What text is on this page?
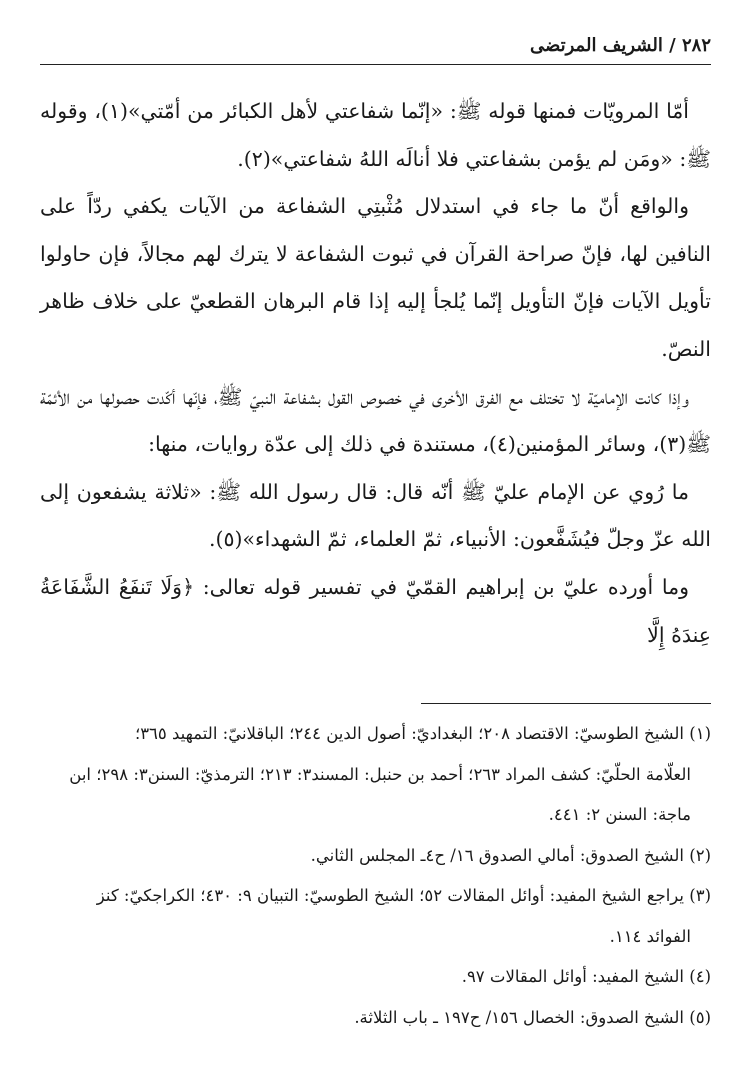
٢٨٢ / الشريف المرتضى

أمّا المرويّات فمنها قوله ﷺ: «إنّما شفاعتي لأهل الكبائر من أمّتي»(١)، وقوله ﷺ: «ومَن لم يؤمن بشفاعتي فلا أنالَه اللهُ شفاعتي»(٢).

والواقع أنّ ما جاء في استدلال مُثْبتِي الشفاعة من الآيات يكفي ردّاً على النافين لها، فإنّ صراحة القرآن في ثبوت الشفاعة لا يترك لهم مجالاً، فإن حاولوا تأويل الآيات فإنّ التأويل إنّما يُلجأ إليه إذا قام البرهان القطعيّ على خلاف ظاهر النصّ.

وإذا كانت الإماميّة لا تختلف مع الفرق الأخرى في خصوص القول بشفاعة النبيّ ﷺ، فإنّها أكّدت حصولها من الأئمّة ﷺ(٣)، وسائر المؤمنين(٤)، مستندة في ذلك إلى عدّة روايات، منها:

ما رُوي عن الإمام عليّ ﷺ أنّه قال: قال رسول الله ﷺ: «ثلاثة يشفعون إلى الله عزّ وجلّ فيُشَفَّعون: الأنبياء، ثمّ العلماء، ثمّ الشهداء»(٥).

وما أورده عليّ بن إبراهيم القمّيّ في تفسير قوله تعالى: ﴿وَلَا تَنفَعُ الشَّفَاعَةُ عِندَهُ إِلَّا

(١) الشيخ الطوسيّ: الاقتصاد ٢٠٨؛ البغداديّ: أصول الدين ٢٤٤؛ الباقلانيّ: التمهيد ٣٦٥؛

العلّامة الحلّيّ: كشف المراد ٢٦٣؛ أحمد بن حنبل: المسند٣: ٢١٣؛ الترمذيّ: السنن٣: ٢٩٨؛ ابن

ماجة: السنن ٢: ٤٤١.

(٢) الشيخ الصدوق: أمالي الصدوق ١٦/ ح٤ـ المجلس الثاني.

(٣) يراجع الشيخ المفيد: أوائل المقالات ٥٢؛ الشيخ الطوسيّ: التبيان ٩: ٤٣٠؛ الكراجكيّ: كنز

الفوائد ١١٤.

(٤) الشيخ المفيد: أوائل المقالات ٩٧.

(٥) الشيخ الصدوق: الخصال ١٥٦/ ح١٩٧ ـ باب الثلاثة.
